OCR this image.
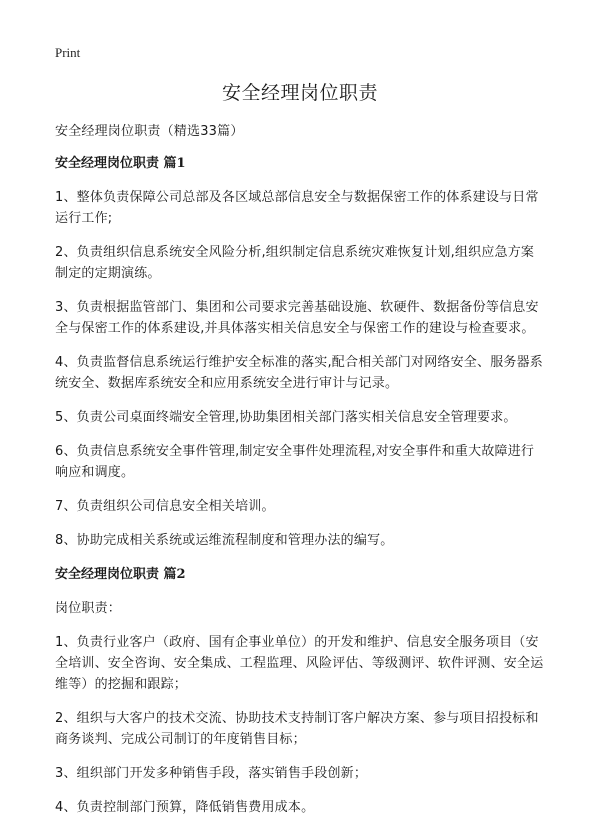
Print
安全经理岗位职责

安全经理岗位职责（精选33篇）

安全经理岗位职责 篇1

1、整体负责保障公司总部及各区域总部信息安全与数据保密工作的体系建设与日常运行工作;

2、负责组织信息系统安全风险分析,组织制定信息系统灾难恢复计划,组织应急方案制定的定期演练。

3、负责根据监管部门、集团和公司要求完善基础设施、软硬件、数据备份等信息安全与保密工作的体系建设,并具体落实相关信息安全与保密工作的建设与检查要求。

4、负责监督信息系统运行维护安全标准的落实,配合相关部门对网络安全、服务器系统安全、数据库系统安全和应用系统安全进行审计与记录。

5、负责公司桌面终端安全管理,协助集团相关部门落实相关信息安全管理要求。

6、负责信息系统安全事件管理,制定安全事件处理流程,对安全事件和重大故障进行响应和调度。

7、负责组织公司信息安全相关培训。

8、协助完成相关系统或运维流程制度和管理办法的编写。

安全经理岗位职责 篇2

岗位职责：

1、负责行业客户（政府、国有企事业单位）的开发和维护、信息安全服务项目（安全培训、安全咨询、安全集成、工程监理、风险评估、等级测评、软件评测、安全运维等）的挖掘和跟踪；

2、组织与大客户的技术交流、协助技术支持制订客户解决方案、参与项目招投标和商务谈判、完成公司制订的年度销售目标；

3、组织部门开发多种销售手段，落实销售手段创新；

4、负责控制部门预算，降低销售费用成本。
